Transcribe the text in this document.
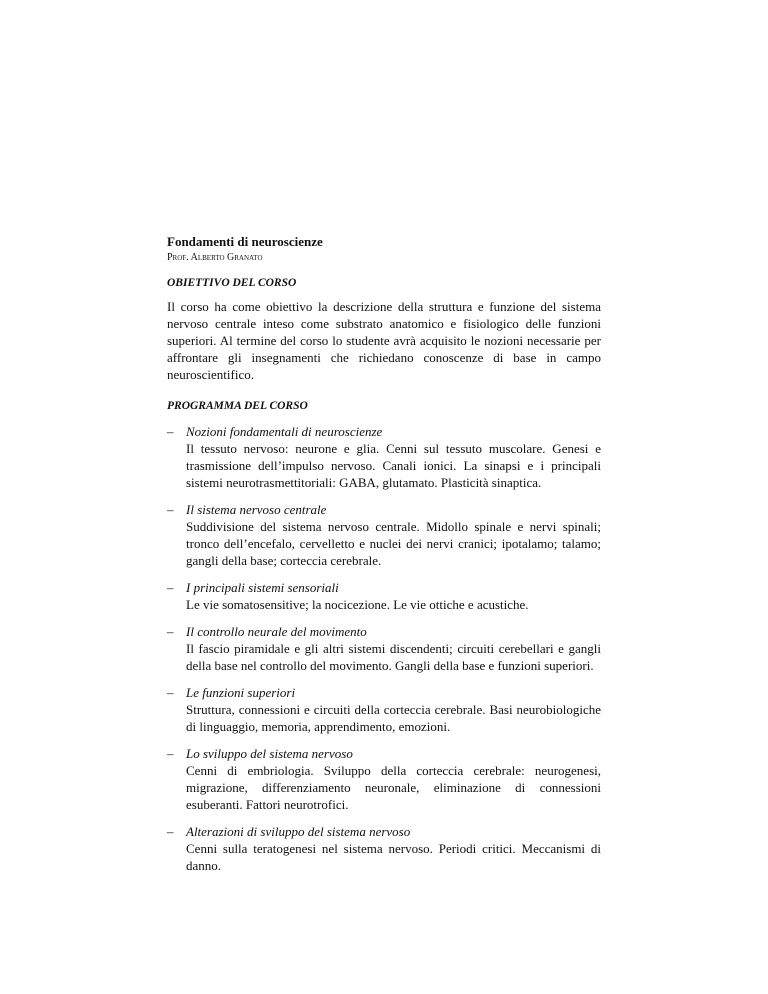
Fondamenti di neuroscienze

Prof. Alberto Granato

OBIETTIVO DEL CORSO

Il corso ha come obiettivo la descrizione della struttura e funzione del sistema nervoso centrale inteso come substrato anatomico e fisiologico delle funzioni superiori. Al termine del corso lo studente avrà acquisito le nozioni necessarie per affrontare gli insegnamenti che richiedano conoscenze di base in campo neuroscientifico.

PROGRAMMA DEL CORSO
– Nozioni fondamentali di neuroscienze
Il tessuto nervoso: neurone e glia. Cenni sul tessuto muscolare. Genesi e trasmissione dell’impulso nervoso. Canali ionici. La sinapsi e i principali sistemi neurotrasmettitoriali: GABA, glutamato. Plasticità sinaptica.
– Il sistema nervoso centrale
Suddivisione del sistema nervoso centrale. Midollo spinale e nervi spinali; tronco dell’encefalo, cervelletto e nuclei dei nervi cranici; ipotalamo; talamo; gangli della base; corteccia cerebrale.
– I principali sistemi sensoriali
Le vie somatosensitive; la nocicezione. Le vie ottiche e acustiche.
– Il controllo neurale del movimento
Il fascio piramidale e gli altri sistemi discendenti; circuiti cerebellari e gangli della base nel controllo del movimento. Gangli della base e funzioni superiori.
– Le funzioni superiori
Struttura, connessioni e circuiti della corteccia cerebrale. Basi neurobiologiche di linguaggio, memoria, apprendimento, emozioni.
– Lo sviluppo del sistema nervoso
Cenni di embriologia. Sviluppo della corteccia cerebrale: neurogenesi, migrazione, differenziamento neuronale, eliminazione di connessioni esuberanti. Fattori neurotrofici.
– Alterazioni di sviluppo del sistema nervoso
Cenni sulla teratogenesi nel sistema nervoso. Periodi critici. Meccanismi di danno.
